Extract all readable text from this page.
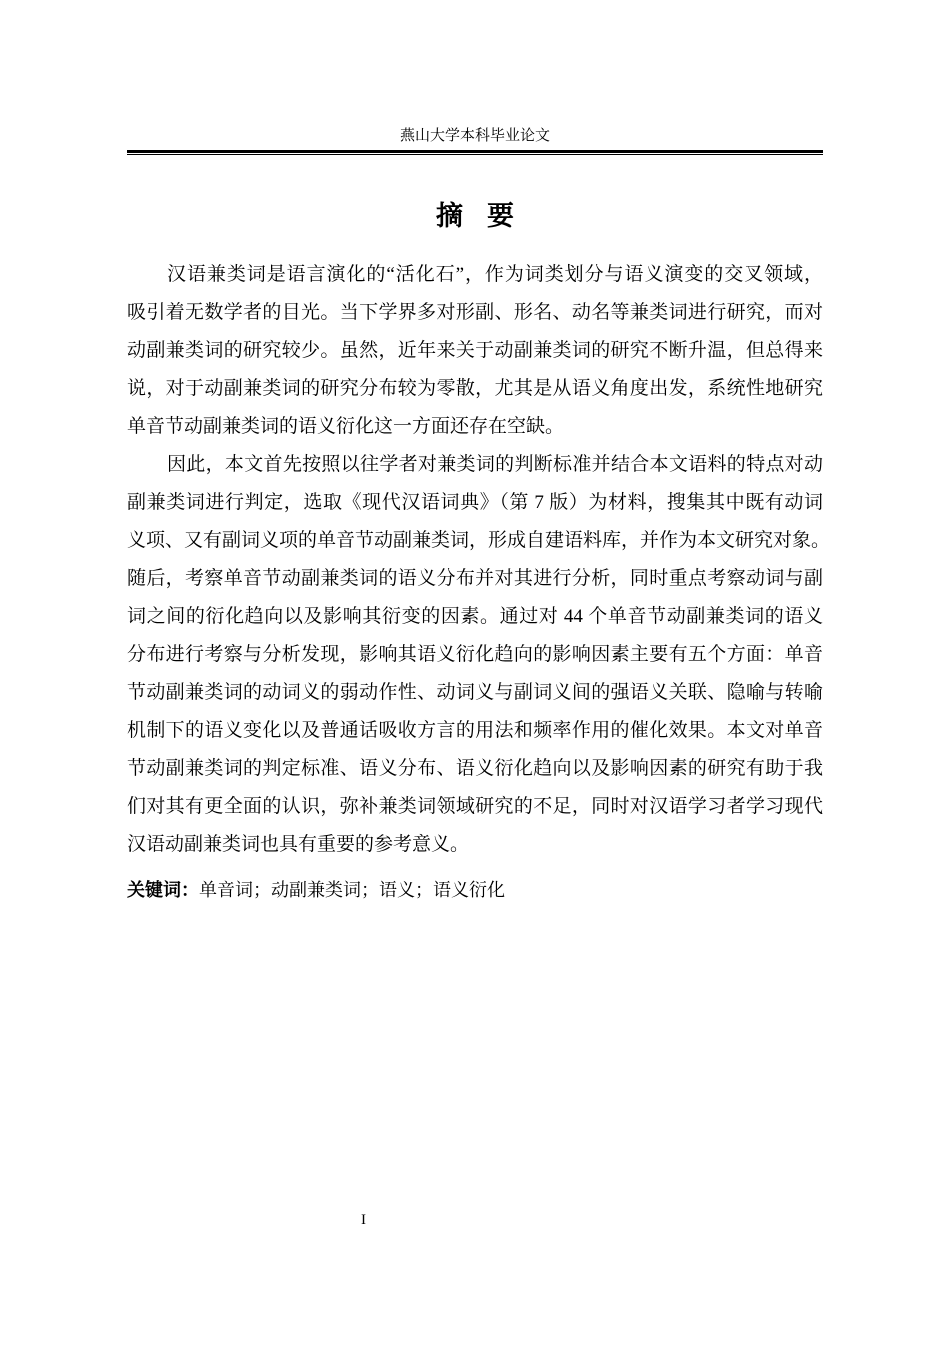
燕山大学本科毕业论文
摘 要
汉语兼类词是语言演化的“活化石”，作为词类划分与语义演变的交叉领域，
吸引着无数学者的目光。当下学界多对形副、形名、动名等兼类词进行研究，而对
动副兼类词的研究较少。虽然，近年来关于动副兼类词的研究不断升温，但总得来
说，对于动副兼类词的研究分布较为零散，尤其是从语义角度出发，系统性地研究
单音节动副兼类词的语义衍化这一方面还存在空缺。
因此，本文首先按照以往学者对兼类词的判断标准并结合本文语料的特点对动
副兼类词进行判定，选取《现代汉语词典》（第 7 版）为材料，搜集其中既有动词
义项、又有副词义项的单音节动副兼类词，形成自建语料库，并作为本文研究对象。
随后，考察单音节动副兼类词的语义分布并对其进行分析，同时重点考察动词与副
词之间的衍化趋向以及影响其衍变的因素。通过对 44 个单音节动副兼类词的语义
分布进行考察与分析发现，影响其语义衍化趋向的影响因素主要有五个方面：单音
节动副兼类词的动词义的弱动作性、动词义与副词义间的强语义关联、隐喻与转喻
机制下的语义变化以及普通话吸收方言的用法和频率作用的催化效果。本文对单音
节动副兼类词的判定标准、语义分布、语义衍化趋向以及影响因素的研究有助于我
们对其有更全面的认识，弥补兼类词领域研究的不足，同时对汉语学习者学习现代
汉语动副兼类词也具有重要的参考意义。
关键词：单音词；动副兼类词；语义；语义衍化
I
